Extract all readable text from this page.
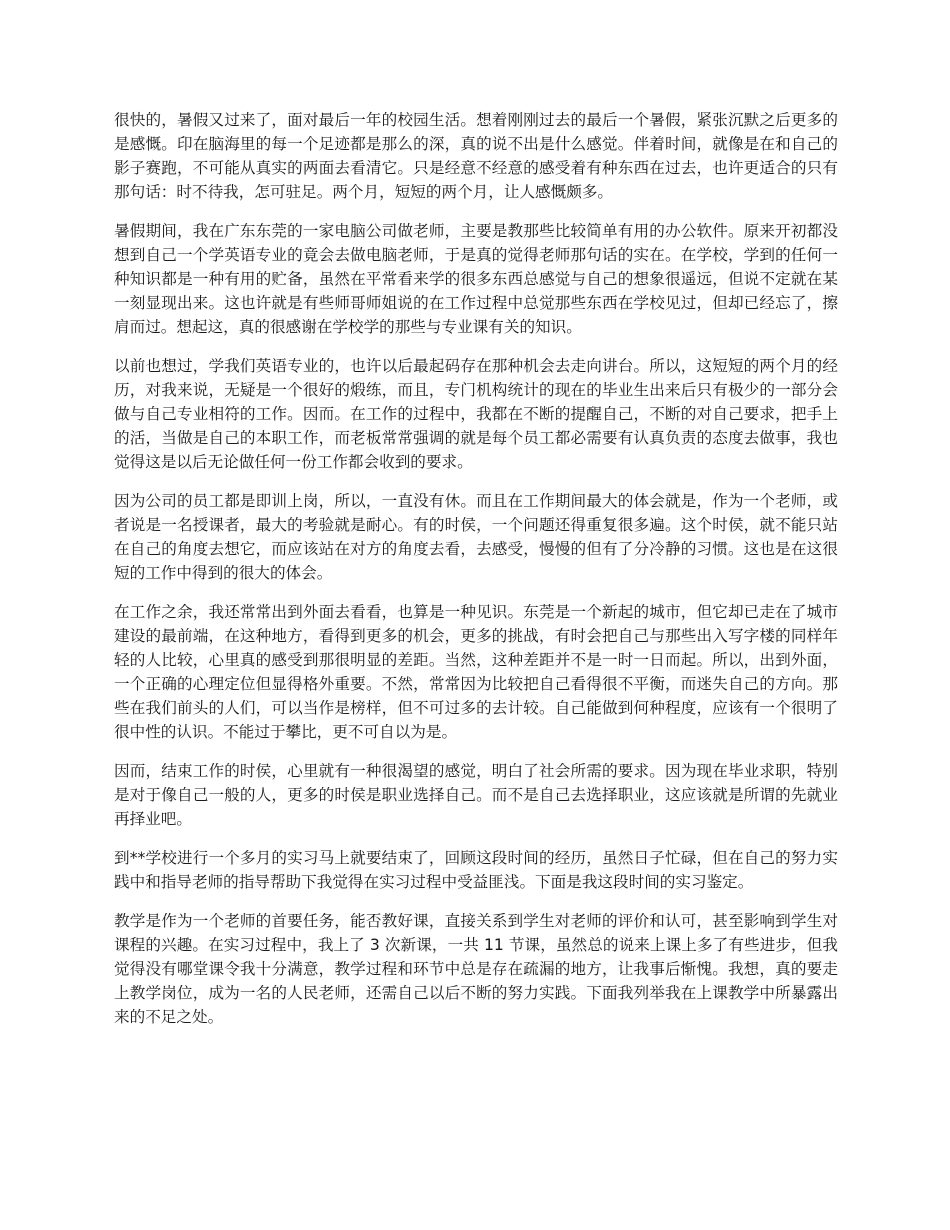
很快的，暑假又过来了，面对最后一年的校园生活。想着刚刚过去的最后一个暑假，紧张沉默之后更多的是感慨。印在脑海里的每一个足迹都是那么的深，真的说不出是什么感觉。伴着时间，就像是在和自己的影子赛跑，不可能从真实的两面去看清它。只是经意不经意的感受着有种东西在过去，也许更适合的只有那句话：时不待我，怎可驻足。两个月，短短的两个月，让人感慨颇多。

暑假期间，我在广东东莞的一家电脑公司做老师，主要是教那些比较简单有用的办公软件。原来开初都没想到自己一个学英语专业的竟会去做电脑老师，于是真的觉得老师那句话的实在。在学校，学到的任何一种知识都是一种有用的贮备，虽然在平常看来学的很多东西总感觉与自己的想象很遥远，但说不定就在某一刻显现出来。这也许就是有些师哥师姐说的在工作过程中总觉那些东西在学校见过，但却已经忘了，擦肩而过。想起这，真的很感谢在学校学的那些与专业课有关的知识。

以前也想过，学我们英语专业的，也许以后最起码存在那种机会去走向讲台。所以，这短短的两个月的经历，对我来说，无疑是一个很好的煅练，而且，专门机构统计的现在的毕业生出来后只有极少的一部分会做与自己专业相符的工作。因而。在工作的过程中，我都在不断的提醒自己，不断的对自己要求，把手上的活，当做是自己的本职工作，而老板常常强调的就是每个员工都必需要有认真负责的态度去做事，我也觉得这是以后无论做任何一份工作都会收到的要求。

因为公司的员工都是即训上岗，所以，一直没有休。而且在工作期间最大的体会就是，作为一个老师，或者说是一名授课者，最大的考验就是耐心。有的时侯，一个问题还得重复很多遍。这个时侯，就不能只站在自己的角度去想它，而应该站在对方的角度去看，去感受，慢慢的但有了分冷静的习惯。这也是在这很短的工作中得到的很大的体会。

在工作之余，我还常常出到外面去看看，也算是一种见识。东莞是一个新起的城市，但它却已走在了城市建设的最前端，在这种地方，看得到更多的机会，更多的挑战，有时会把自己与那些出入写字楼的同样年轻的人比较，心里真的感受到那很明显的差距。当然，这种差距并不是一时一日而起。所以，出到外面，一个正确的心理定位但显得格外重要。不然，常常因为比较把自己看得很不平衡，而迷失自己的方向。那些在我们前头的人们，可以当作是榜样，但不可过多的去计较。自己能做到何种程度，应该有一个很明了很中性的认识。不能过于攀比，更不可自以为是。

因而，结束工作的时侯，心里就有一种很渴望的感觉，明白了社会所需的要求。因为现在毕业求职，特别是对于像自己一般的人，更多的时侯是职业选择自己。而不是自己去选择职业，这应该就是所谓的先就业再择业吧。

到**学校进行一个多月的实习马上就要结束了，回顾这段时间的经历，虽然日子忙碌，但在自己的努力实践中和指导老师的指导帮助下我觉得在实习过程中受益匪浅。下面是我这段时间的实习鉴定。

教学是作为一个老师的首要任务，能否教好课，直接关系到学生对老师的评价和认可，甚至影响到学生对课程的兴趣。在实习过程中，我上了 3 次新课，一共 11 节课，虽然总的说来上课上多了有些进步，但我觉得没有哪堂课令我十分满意，教学过程和环节中总是存在疏漏的地方，让我事后惭愧。我想，真的要走上教学岗位，成为一名的人民老师，还需自己以后不断的努力实践。下面我列举我在上课教学中所暴露出来的不足之处。
